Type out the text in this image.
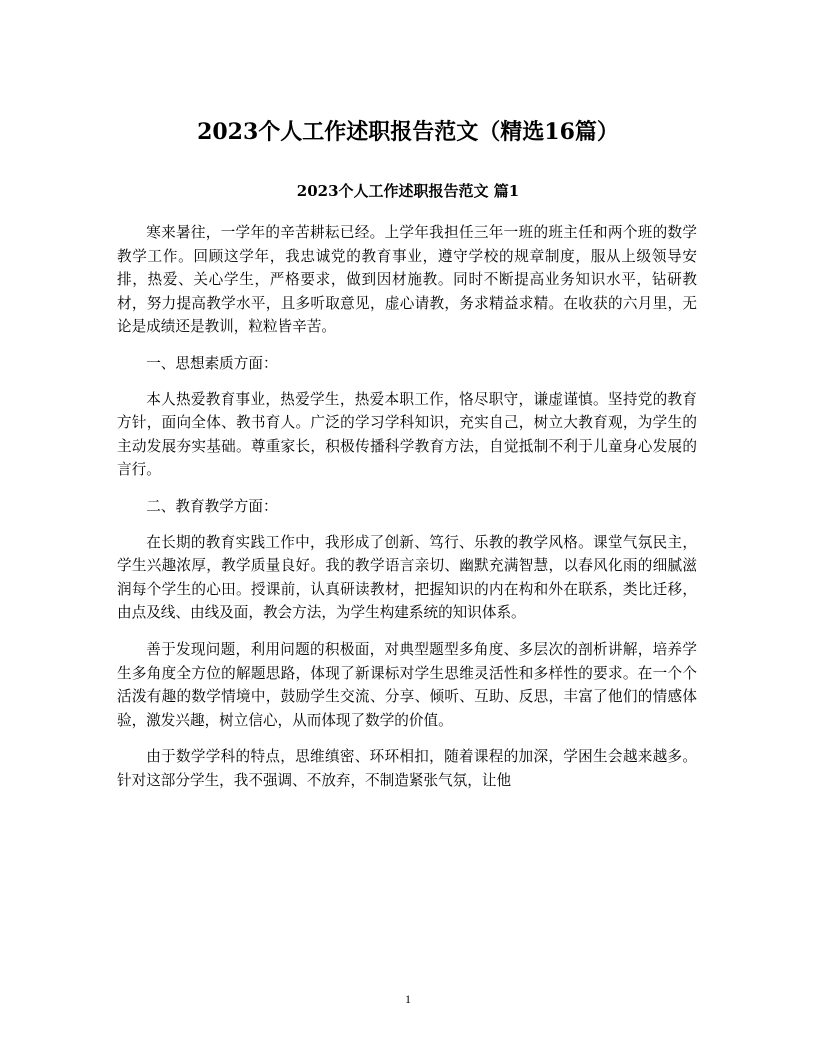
2023个人工作述职报告范文（精选16篇）
2023个人工作述职报告范文 篇1

寒来暑往，一学年的辛苦耕耘已经。上学年我担任三年一班的班主任和两个班的数学教学工作。回顾这学年，我忠诚党的教育事业，遵守学校的规章制度，服从上级领导安排，热爱、关心学生，严格要求，做到因材施教。同时不断提高业务知识水平，钻研教材，努力提高教学水平，且多听取意见，虚心请教，务求精益求精。在收获的六月里，无论是成绩还是教训，粒粒皆辛苦。

一、思想素质方面：

本人热爱教育事业，热爱学生，热爱本职工作，恪尽职守，谦虚谨慎。坚持党的教育方针，面向全体、教书育人。广泛的学习学科知识，充实自己，树立大教育观，为学生的主动发展夯实基础。尊重家长，积极传播科学教育方法，自觉抵制不利于儿童身心发展的言行。

二、教育教学方面：

在长期的教育实践工作中，我形成了创新、笃行、乐教的教学风格。课堂气氛民主，学生兴趣浓厚，教学质量良好。我的教学语言亲切、幽默充满智慧，以春风化雨的细腻滋润每个学生的心田。授课前，认真研读教材，把握知识的内在构和外在联系，类比迁移，由点及线、由线及面，教会方法，为学生构建系统的知识体系。

善于发现问题，利用问题的积极面，对典型题型多角度、多层次的剖析讲解，培养学生多角度全方位的解题思路，体现了新课标对学生思维灵活性和多样性的要求。在一个个活泼有趣的数学情境中，鼓励学生交流、分享、倾听、互助、反思，丰富了他们的情感体验，激发兴趣，树立信心，从而体现了数学的价值。

由于数学学科的特点，思维缜密、环环相扣，随着课程的加深，学困生会越来越多。针对这部分学生，我不强调、不放弃，不制造紧张气氛，让他

1
